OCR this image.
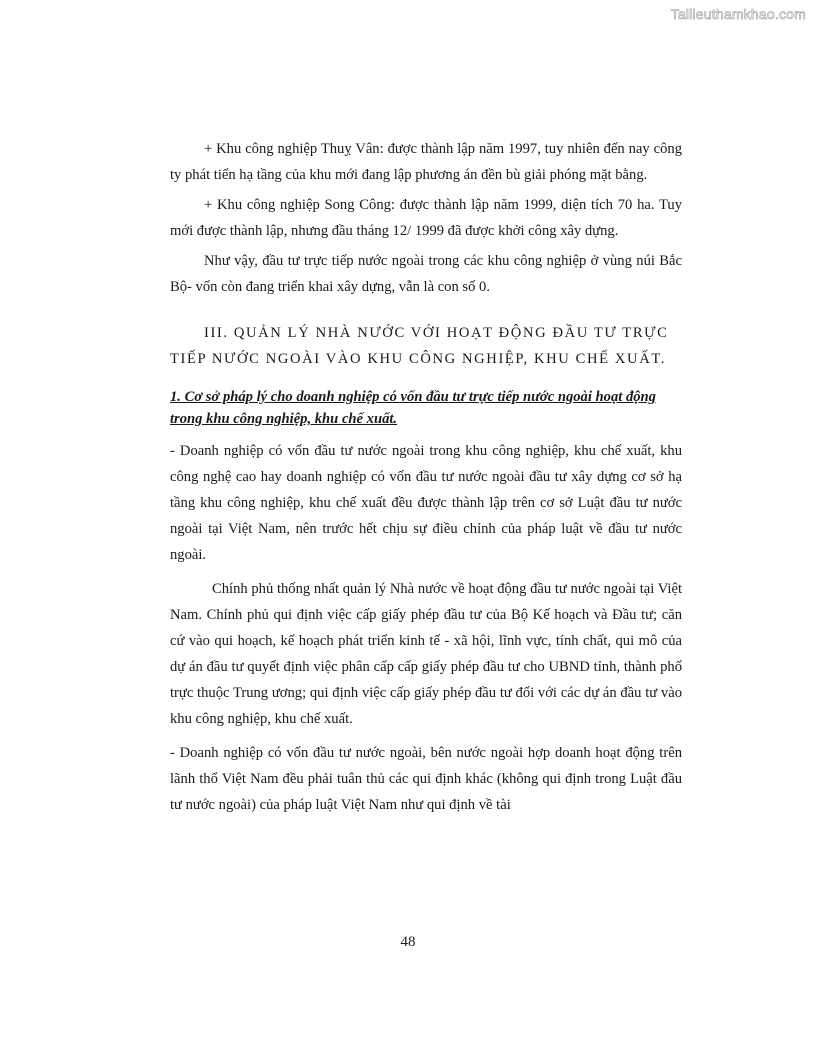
Tailieuthamkhao.com

+ Khu công nghiệp Thuỵ Vân: được thành lập năm 1997, tuy nhiên đến nay công ty phát tiển hạ tầng của khu mới đang lập phương án đền bù giải phóng mặt bằng.

+ Khu công nghiệp Song Công: được thành lập năm 1999, diện tích 70 ha. Tuy mới được thành lập, nhưng đầu tháng 12/ 1999 đã được khởi công xây dựng.

Như vậy, đầu tư trực tiếp nước ngoài trong các khu công nghiệp ở vùng núi Bắc Bộ- vốn còn đang triển khai xây dựng, vẫn là con số 0.

III. QUẢN LÝ NHÀ NƯỚC VỚI HOẠT ĐỘNG ĐẦU TƯ TRỰC TIẾP NƯỚC NGOÀI VÀO KHU CÔNG NGHIỆP, KHU CHẾ XUẤT.

1. Cơ sở pháp lý cho doanh nghiệp có vốn đầu tư trực tiếp nước ngoài hoạt động trong khu công nghiệp, khu chế xuất.

- Doanh nghiệp có vốn đầu tư nước ngoài trong khu công nghiệp, khu chế xuất, khu công nghệ cao hay doanh nghiệp có vốn đầu tư nước ngoài đầu tư xây dựng cơ sở hạ tầng khu công nghiệp, khu chế xuất đều được thành lập trên cơ sở Luật đầu tư nước ngoài tại Việt Nam, nên trước hết chịu sự điều chỉnh của pháp luật về đầu tư nước ngoài.

Chính phủ thống nhất quản lý Nhà nước về hoạt động đầu tư nước ngoài tại Việt Nam. Chính phủ qui định việc cấp giấy phép đầu tư của Bộ Kế hoạch và Đầu tư; căn cứ vào qui hoạch, kế hoạch phát triển kinh tế - xã hội, lĩnh vực, tính chất, qui mô của dự án đầu tư quyết định việc phân cấp cấp giấy phép đầu tư cho UBND tỉnh, thành phố trực thuộc Trung ương; qui định việc cấp giấy phép đầu tư đối với các dự án đầu tư vào khu công nghiệp, khu chế xuất.

- Doanh nghiệp có vốn đầu tư nước ngoài, bên nước ngoài hợp doanh hoạt động trên lãnh thổ Việt Nam đều phải tuân thủ các qui định khác (không qui định trong Luật đầu tư nước ngoài) của pháp luật Việt Nam như qui định về tài

48
